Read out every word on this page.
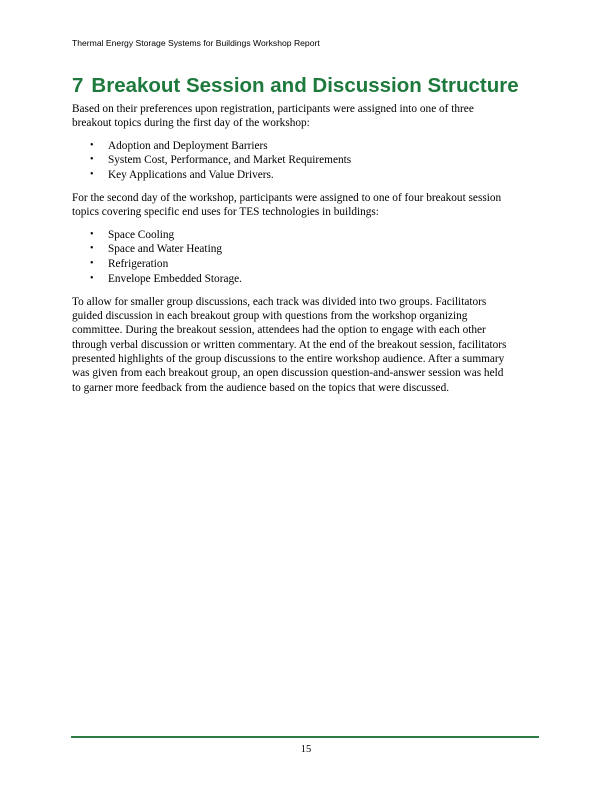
Thermal Energy Storage Systems for Buildings Workshop Report
7 Breakout Session and Discussion Structure

Based on their preferences upon registration, participants were assigned into one of three
breakout topics during the first day of the workshop:

• Adoption and Deployment Barriers
• System Cost, Performance, and Market Requirements
• Key Applications and Value Drivers.

For the second day of the workshop, participants were assigned to one of four breakout session
topics covering specific end uses for TES technologies in buildings:

• Space Cooling
• Space and Water Heating
• Refrigeration
• Envelope Embedded Storage.

To allow for smaller group discussions, each track was divided into two groups. Facilitators
guided discussion in each breakout group with questions from the workshop organizing
committee. During the breakout session, attendees had the option to engage with each other
through verbal discussion or written commentary. At the end of the breakout session, facilitators
presented highlights of the group discussions to the entire workshop audience. After a summary
was given from each breakout group, an open discussion question-and-answer session was held
to garner more feedback from the audience based on the topics that were discussed.

15
